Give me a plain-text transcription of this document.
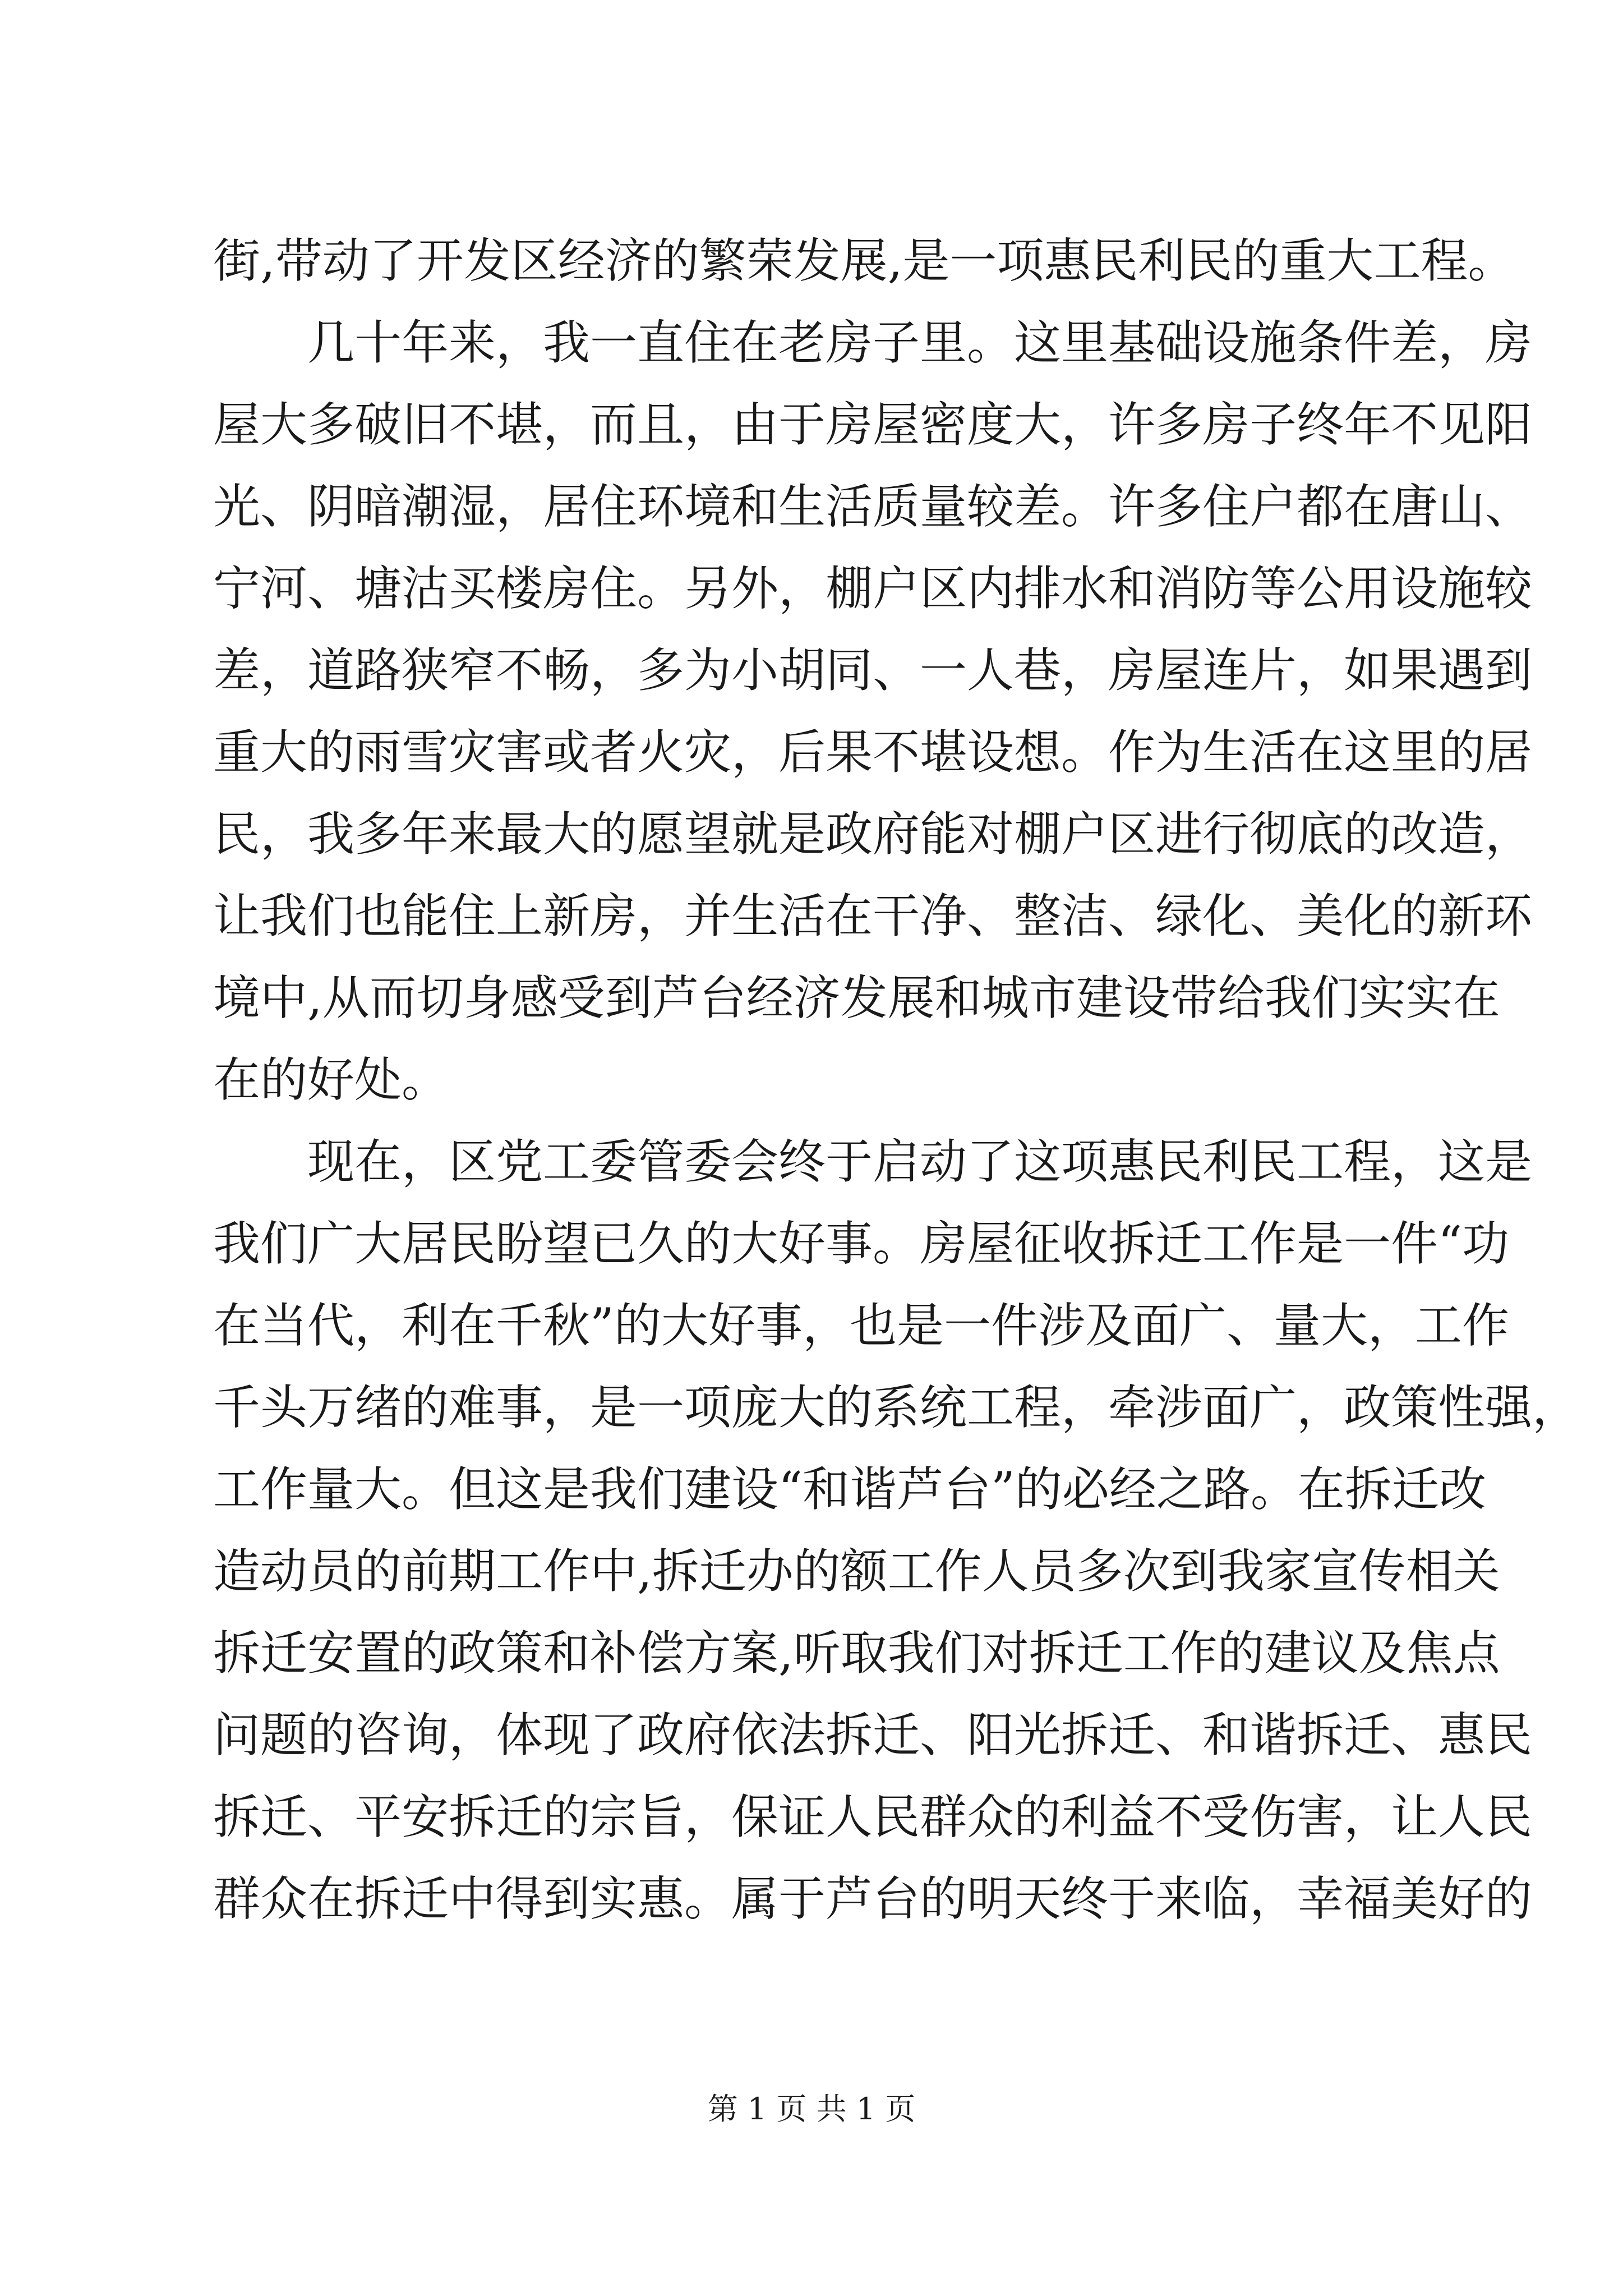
街,带动了开发区经济的繁荣发展,是一项惠民利民的重大工程。
几十年来，我一直住在老房子里。这里基础设施条件差，房
屋大多破旧不堪，而且，由于房屋密度大，许多房子终年不见阳
光、阴暗潮湿，居住环境和生活质量较差。许多住户都在唐山、
宁河、塘沽买楼房住。另外，棚户区内排水和消防等公用设施较
差，道路狭窄不畅，多为小胡同、一人巷，房屋连片，如果遇到
重大的雨雪灾害或者火灾，后果不堪设想。作为生活在这里的居
民，我多年来最大的愿望就是政府能对棚户区进行彻底的改造，
让我们也能住上新房，并生活在干净、整洁、绿化、美化的新环
境中,从而切身感受到芦台经济发展和城市建设带给我们实实在
在的好处。
现在，区党工委管委会终于启动了这项惠民利民工程，这是
我们广大居民盼望已久的大好事。房屋征收拆迁工作是一件“功
在当代，利在千秋”的大好事，也是一件涉及面广、量大，工作
千头万绪的难事，是一项庞大的系统工程，牵涉面广，政策性强，
工作量大。但这是我们建设“和谐芦台”的必经之路。在拆迁改
造动员的前期工作中,拆迁办的额工作人员多次到我家宣传相关
拆迁安置的政策和补偿方案,听取我们对拆迁工作的建议及焦点
问题的咨询，体现了政府依法拆迁、阳光拆迁、和谐拆迁、惠民
拆迁、平安拆迁的宗旨，保证人民群众的利益不受伤害，让人民
群众在拆迁中得到实惠。属于芦台的明天终于来临，幸福美好的
第 1 页 共 1 页
